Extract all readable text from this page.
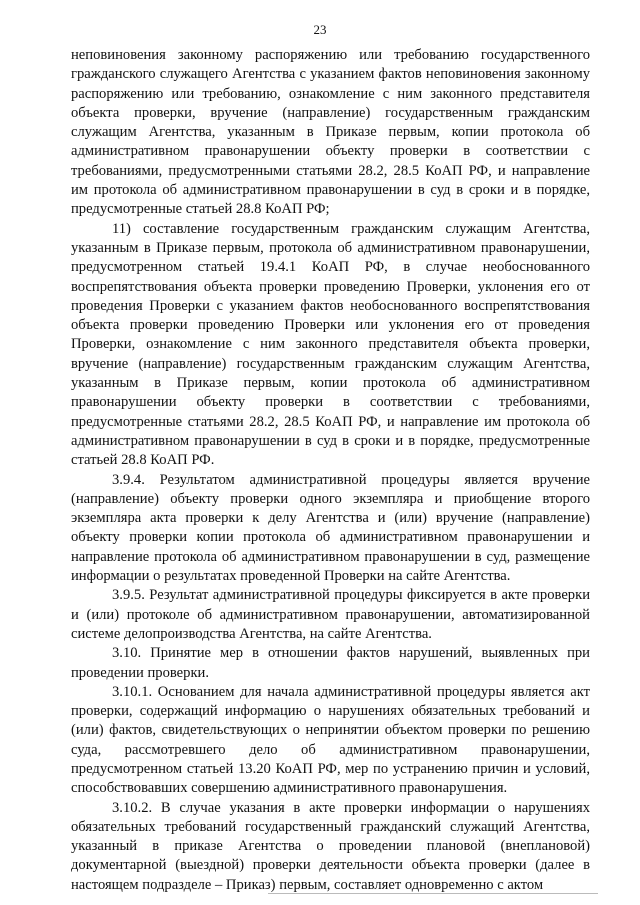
23

неповиновения законному распоряжению или требованию государственного гражданского служащего Агентства с указанием фактов неповиновения законному распоряжению или требованию, ознакомление с ним законного представителя объекта проверки, вручение (направление) государственным гражданским служащим Агентства, указанным в Приказе первым, копии протокола об административном правонарушении объекту проверки в соответствии с требованиями, предусмотренными статьями 28.2, 28.5 КоАП РФ, и направление им протокола об административном правонарушении в суд в сроки и в порядке, предусмотренные статьей 28.8 КоАП РФ;

11) составление государственным гражданским служащим Агентства, указанным в Приказе первым, протокола об административном правонарушении, предусмотренном статьей 19.4.1 КоАП РФ, в случае необоснованного воспрепятствования объекта проверки проведению Проверки, уклонения его от проведения Проверки с указанием фактов необоснованного воспрепятствования объекта проверки проведению Проверки или уклонения его от проведения Проверки, ознакомление с ним законного представителя объекта проверки, вручение (направление) государственным гражданским служащим Агентства, указанным в Приказе первым, копии протокола об административном правонарушении объекту проверки в соответствии с требованиями, предусмотренные статьями 28.2, 28.5 КоАП РФ, и направление им протокола об административном правонарушении в суд в сроки и в порядке, предусмотренные статьей 28.8 КоАП РФ.

3.9.4. Результатом административной процедуры является вручение (направление) объекту проверки одного экземпляра и приобщение второго экземпляра акта проверки к делу Агентства и (или) вручение (направление) объекту проверки копии протокола об административном правонарушении и направление протокола об административном правонарушении в суд, размещение информации о результатах проведенной Проверки на сайте Агентства.

3.9.5. Результат административной процедуры фиксируется в акте проверки и (или) протоколе об административном правонарушении, автоматизированной системе делопроизводства Агентства, на сайте Агентства.

3.10. Принятие мер в отношении фактов нарушений, выявленных при проведении проверки.

3.10.1. Основанием для начала административной процедуры является акт проверки, содержащий информацию о нарушениях обязательных требований и (или) фактов, свидетельствующих о непринятии объектом проверки по решению суда, рассмотревшего дело об административном правонарушении, предусмотренном статьей 13.20 КоАП РФ, мер по устранению причин и условий, способствовавших совершению административного правонарушения.

3.10.2. В случае указания в акте проверки информации о нарушениях обязательных требований государственный гражданский служащий Агентства, указанный в приказе Агентства о проведении плановой (внеплановой) документарной (выездной) проверки деятельности объекта проверки (далее в настоящем подразделе – Приказ) первым, составляет одновременно с актом
